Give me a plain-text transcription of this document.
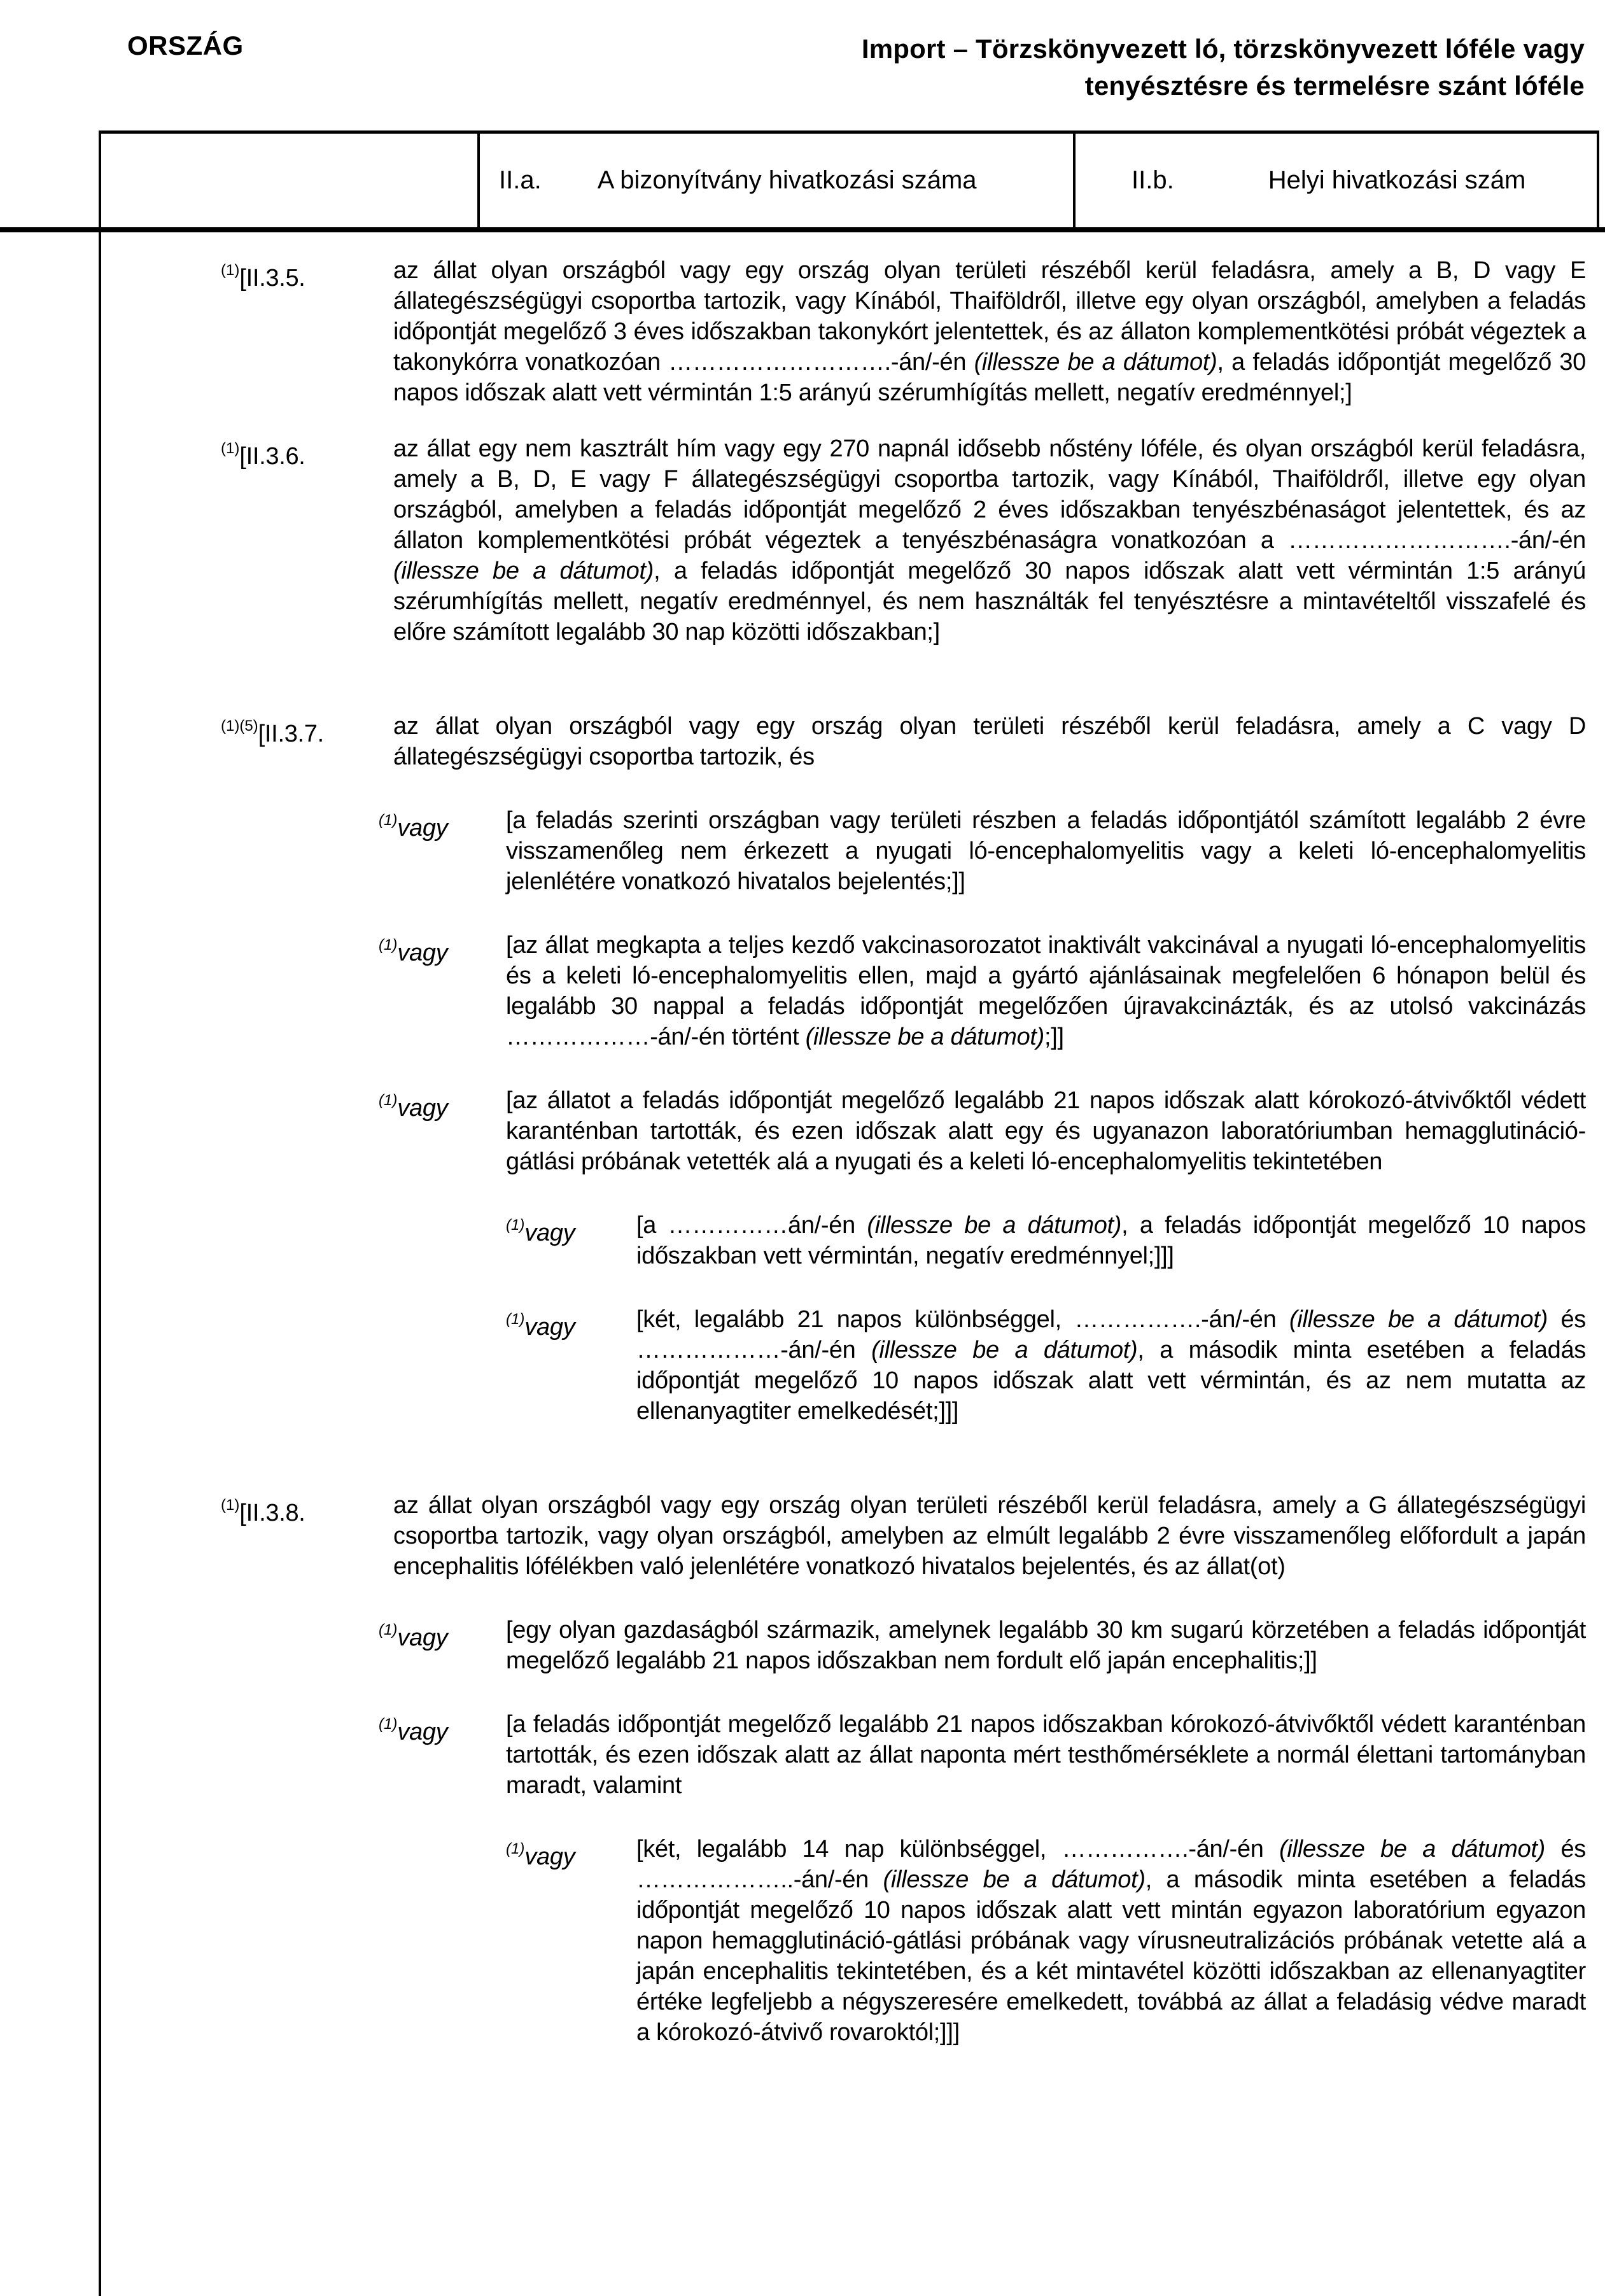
ORSZÁG	Import – Törzskönyvezett ló, törzskönyvezett lóféle vagy
tenyésztésre és termelésre szánt lóféle
II.a. A bizonyítvány hivatkozási száma	II.b.	Helyi hivatkozási szám
$^{(1)}$[II.3.5.	az állat olyan országból vagy egy ország olyan területi részéből kerül feladásra, amely a B, D vagy E állategészségügyi csoportba tartozik, vagy Kínából, Thaiföldről, illetve egy olyan országból, amelyben a feladás időpontját megelőző 3 éves időszakban takonykórt jelentettek, és az állaton komplementkötési próbát végeztek a takonykórra vonatkozóan ……………………….-án/-én (illessze be a dátumot), a feladás időpontját megelőző 30 napos időszak alatt vett vérmintán 1:5 arányú szérumhígítás mellett, negatív eredménnyel;]
$^{(1)}$[II.3.6.	az állat egy nem kasztrált hím vagy egy 270 napnál idősebb nőstény lóféle, és olyan országból kerül feladásra, amely a B, D, E vagy F állategészségügyi csoportba tartozik, vagy Kínából, Thaiföldről, illetve egy olyan országból, amelyben a feladás időpontját megelőző 2 éves időszakban tenyészbénaságot jelentettek, és az állaton komplementkötési próbát végeztek a tenyészbénaságra vonatkozóan a ……………………….-án/-én (illessze be a dátumot), a feladás időpontját megelőző 30 napos időszak alatt vett vérmintán 1:5 arányú szérumhígítás mellett, negatív eredménnyel, és nem használták fel tenyésztésre a mintavételtől visszafelé és előre számított legalább 30 nap közötti időszakban;]
$^{(1)(5)}$[II.3.7.	az állat olyan országból vagy egy ország olyan területi részéből kerül feladásra, amely a C vagy D állategészségügyi csoportba tartozik, és
$^{(1)}$vagy	[a feladás szerinti országban vagy területi részben a feladás időpontjától számított legalább 2 évre visszamenőleg nem érkezett a nyugati ló-encephalomyelitis vagy a keleti ló-encephalomyelitis jelenlétére vonatkozó hivatalos bejelentés;]]
$^{(1)}$vagy	[az állat megkapta a teljes kezdő vakcinasorozatot inaktivált vakcinával a nyugati ló-encephalomyelitis és a keleti ló-encephalomyelitis ellen, majd a gyártó ajánlásainak megfelelően 6 hónapon belül és legalább 30 nappal a feladás időpontját megelőzően újravakcinázták, és az utolsó vakcinázás ………………-án/-én történt (illessze be a dátumot);]]
$^{(1)}$vagy	[az állatot a feladás időpontját megelőző legalább 21 napos időszak alatt kórokozó-átvivőktől védett karanténban tartották, és ezen időszak alatt egy és ugyanazon laboratóriumban hemagglutináció-gátlási próbának vetették alá a nyugati és a keleti ló-encephalomyelitis tekintetében
$^{(1)}$vagy	[a ……………án/-én (illessze be a dátumot), a feladás időpontját megelőző 10 napos időszakban vett vérmintán, negatív eredménnyel;]]]
$^{(1)}$vagy	[két, legalább 21 napos különbséggel, …………….-án/-én (illessze be a dátumot) és ………………-án/-én (illessze be a dátumot), a második minta esetében a feladás időpontját megelőző 10 napos időszak alatt vett vérmintán, és az nem mutatta az ellenanyagtiter emelkedését;]]]
$^{(1)}$[II.3.8.	az állat olyan országból vagy egy ország olyan területi részéből kerül feladásra, amely a G állategészségügyi csoportba tartozik, vagy olyan országból, amelyben az elmúlt legalább 2 évre visszamenőleg előfordult a japán encephalitis lófélékben való jelenlétére vonatkozó hivatalos bejelentés, és az állat(ot)
$^{(1)}$vagy	[egy olyan gazdaságból származik, amelynek legalább 30 km sugarú körzetében a feladás időpontját megelőző legalább 21 napos időszakban nem fordult elő japán encephalitis;]]
$^{(1)}$vagy	[a feladás időpontját megelőző legalább 21 napos időszakban kórokozó-átvivőktől védett karanténban tartották, és ezen időszak alatt az állat naponta mért testhőmérséklete a normál élettani tartományban maradt, valamint
$^{(1)}$vagy	[két, legalább 14 nap különbséggel, …………….-án/-én (illessze be a dátumot) és ………………..-án/-én (illessze be a dátumot), a második minta esetében a feladás időpontját megelőző 10 napos időszak alatt vett mintán egyazon laboratórium egyazon napon hemagglutináció-gátlási próbának vagy vírusneutralizációs próbának vetette alá a japán encephalitis tekintetében, és a két mintavétel közötti időszakban az ellenanyagtiter értéke legfeljebb a négyszeresére emelkedett, továbbá az állat a feladásig védve maradt a kórokozó-átvivő rovaroktól;]]]
